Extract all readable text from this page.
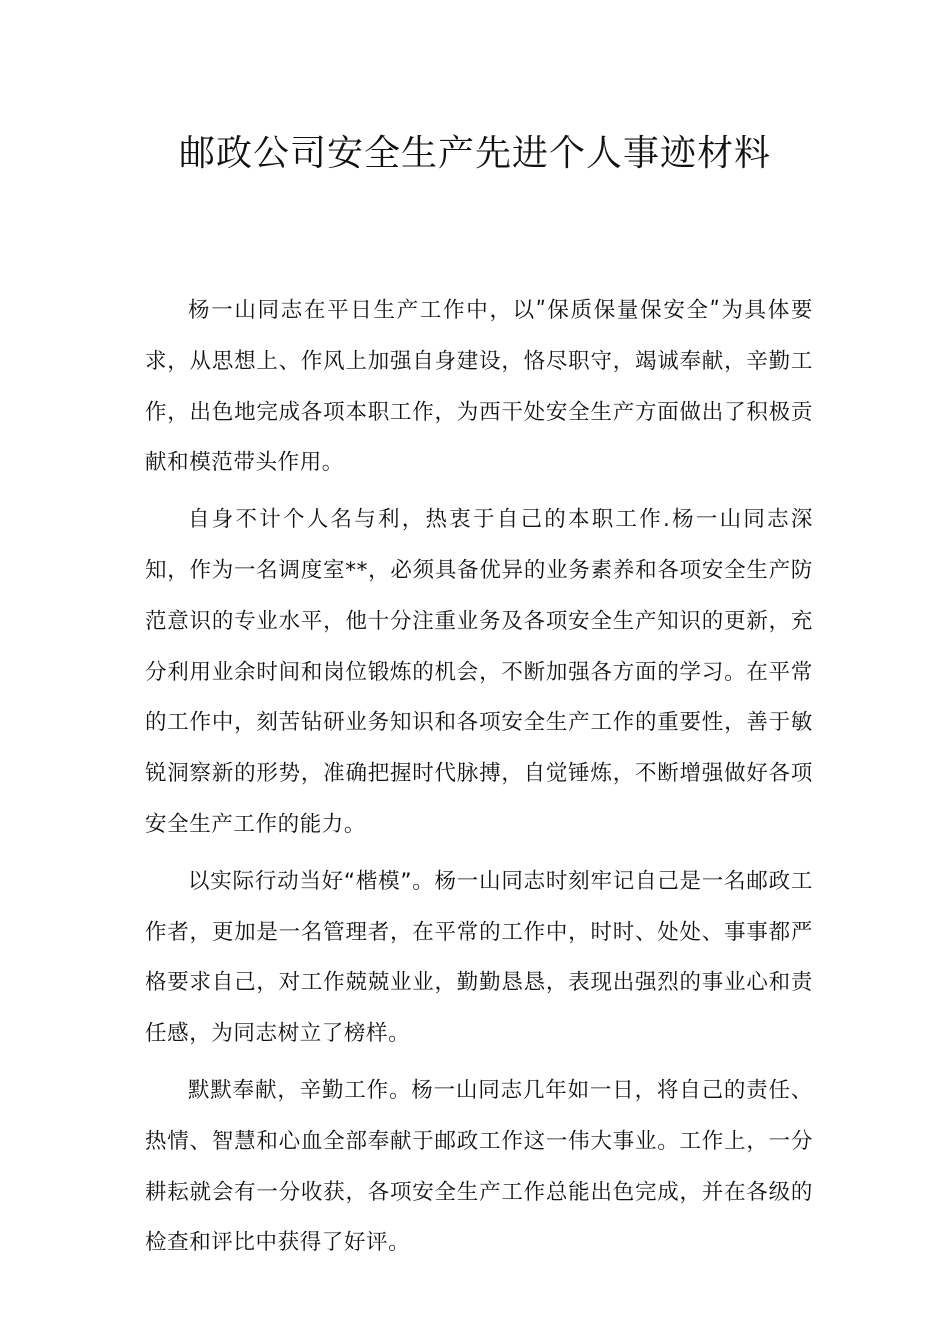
邮政公司安全生产先进个人事迹材料

杨一山同志在平日生产工作中，以ʺ保质保量保安全ʺ为具体要求，从思想上、作风上加强自身建设，恪尽职守，竭诚奉献，辛勤工作，出色地完成各项本职工作，为西干处安全生产方面做出了积极贡献和模范带头作用。

自身不计个人名与利，热衷于自己的本职工作.杨一山同志深知，作为一名调度室**，必须具备优异的业务素养和各项安全生产防范意识的专业水平，他十分注重业务及各项安全生产知识的更新，充分利用业余时间和岗位锻炼的机会，不断加强各方面的学习。在平常的工作中，刻苦钻研业务知识和各项安全生产工作的重要性，善于敏锐洞察新的形势，准确把握时代脉搏，自觉锤炼，不断增强做好各项安全生产工作的能力。

以实际行动当好“楷模”。杨一山同志时刻牢记自己是一名邮政工作者，更加是一名管理者，在平常的工作中，时时、处处、事事都严格要求自己，对工作兢兢业业，勤勤恳恳，表现出强烈的事业心和责任感，为同志树立了榜样。

默默奉献，辛勤工作。杨一山同志几年如一日，将自己的责任、热情、智慧和心血全部奉献于邮政工作这一伟大事业。工作上，一分耕耘就会有一分收获，各项安全生产工作总能出色完成，并在各级的检查和评比中获得了好评。
